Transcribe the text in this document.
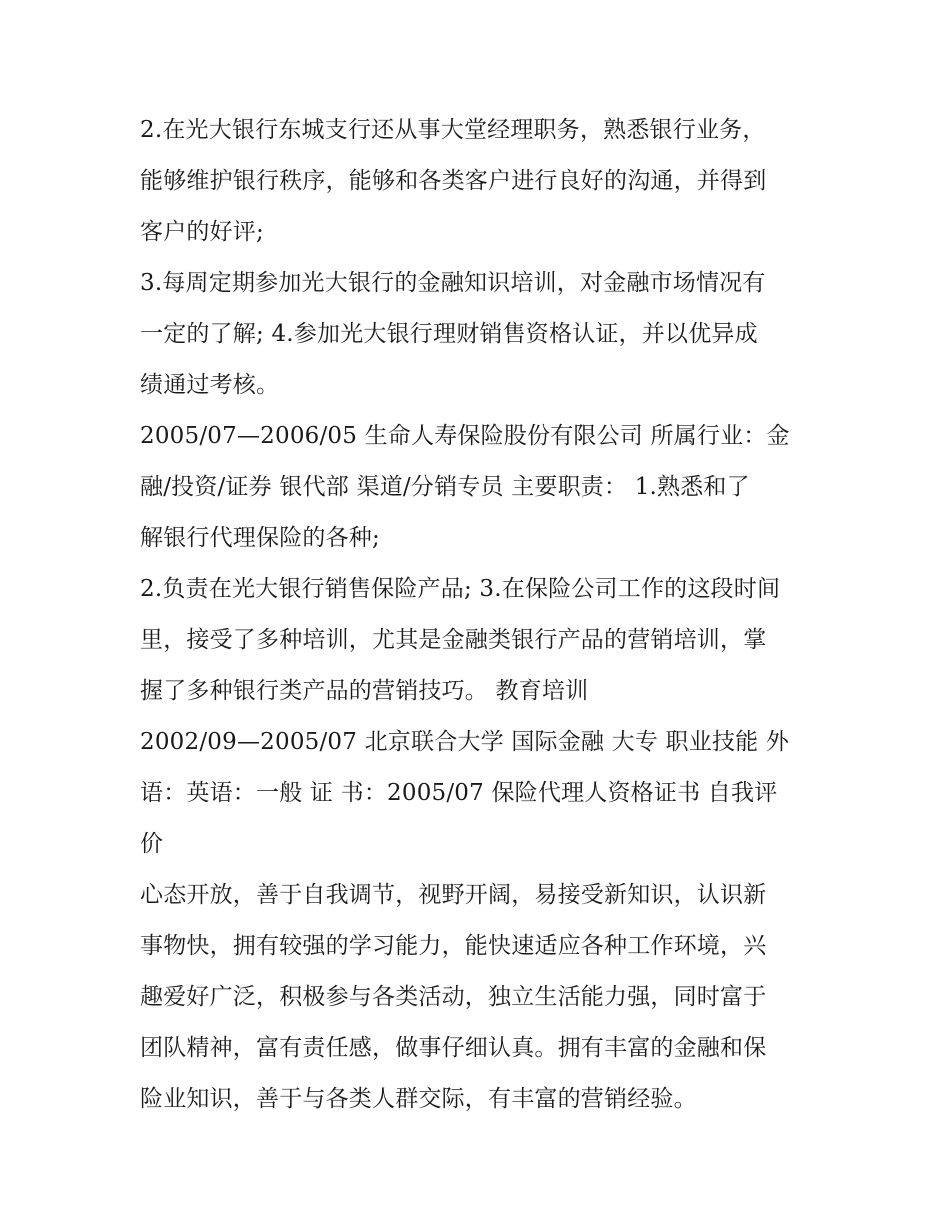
2.在光大银行东城支行还从事大堂经理职务，熟悉银行业务，
能够维护银行秩序，能够和各类客户进行良好的沟通，并得到
客户的好评;
3.每周定期参加光大银行的金融知识培训，对金融市场情况有
一定的了解; 4.参加光大银行理财销售资格认证，并以优异成
绩通过考核。
2005/07—2006/05 生命人寿保险股份有限公司 所属行业：金
融/投资/证券 银代部 渠道/分销专员 主要职责： 1.熟悉和了
解银行代理保险的各种;
2.负责在光大银行销售保险产品; 3.在保险公司工作的这段时间
里，接受了多种培训，尤其是金融类银行产品的营销培训，掌
握了多种银行类产品的营销技巧。 教育培训
2002/09—2005/07 北京联合大学 国际金融 大专 职业技能 外
语：英语：一般 证 书：2005/07 保险代理人资格证书 自我评
价
心态开放，善于自我调节，视野开阔，易接受新知识，认识新
事物快，拥有较强的学习能力，能快速适应各种工作环境，兴
趣爱好广泛，积极参与各类活动，独立生活能力强，同时富于
团队精神，富有责任感，做事仔细认真。拥有丰富的金融和保
险业知识，善于与各类人群交际，有丰富的营销经验。
